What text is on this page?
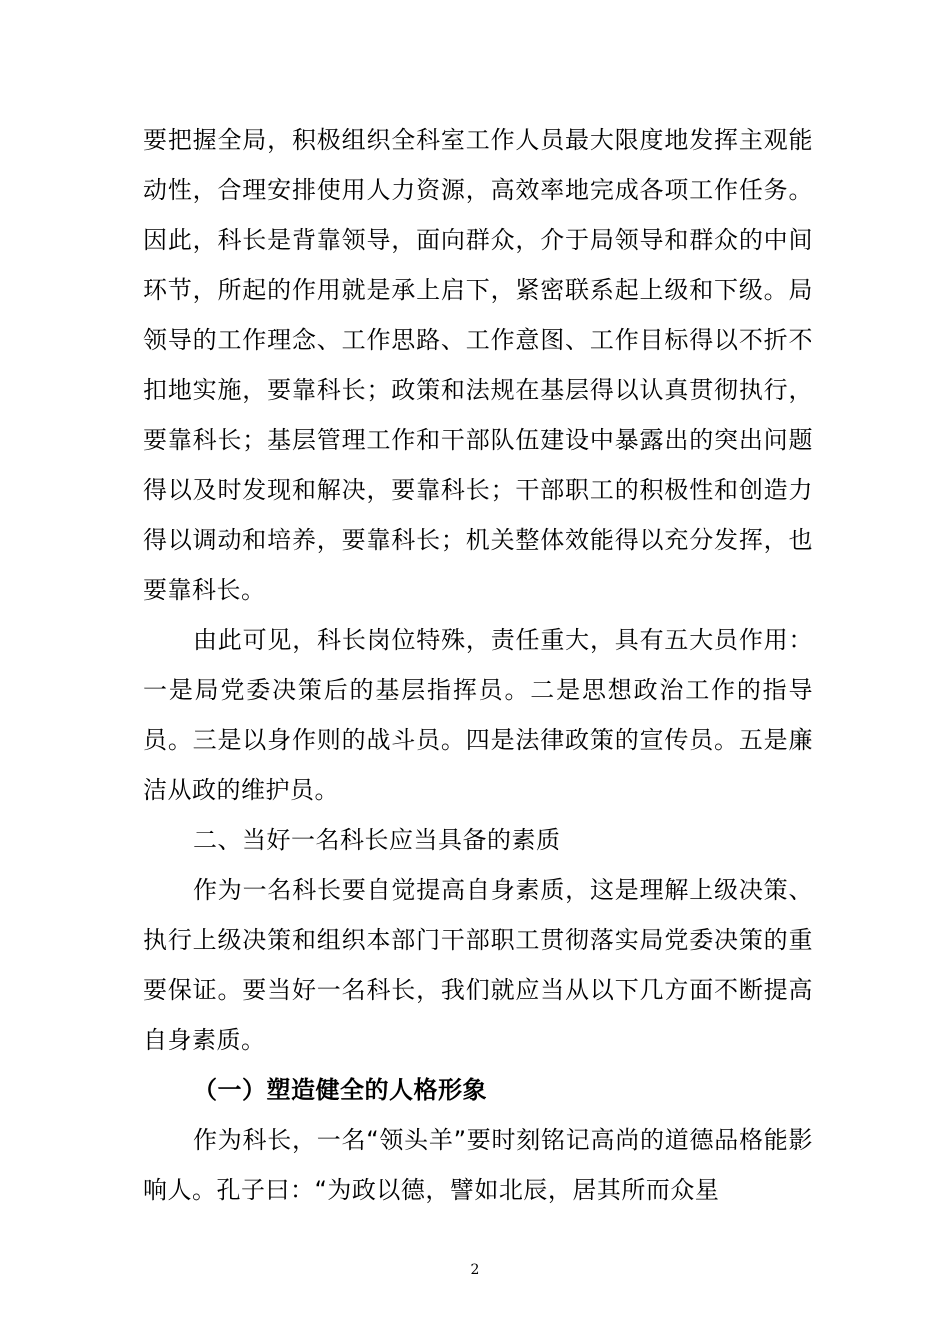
要把握全局，积极组织全科室工作人员最大限度地发挥主观能动性，合理安排使用人力资源，高效率地完成各项工作任务。因此，科长是背靠领导，面向群众，介于局领导和群众的中间环节，所起的作用就是承上启下，紧密联系起上级和下级。局领导的工作理念、工作思路、工作意图、工作目标得以不折不扣地实施，要靠科长；政策和法规在基层得以认真贯彻执行，要靠科长；基层管理工作和干部队伍建设中暴露出的突出问题得以及时发现和解决，要靠科长；干部职工的积极性和创造力得以调动和培养，要靠科长；机关整体效能得以充分发挥，也要靠科长。

由此可见，科长岗位特殊，责任重大，具有五大员作用：一是局党委决策后的基层指挥员。二是思想政治工作的指导员。三是以身作则的战斗员。四是法律政策的宣传员。五是廉洁从政的维护员。

二、当好一名科长应当具备的素质

作为一名科长要自觉提高自身素质，这是理解上级决策、执行上级决策和组织本部门干部职工贯彻落实局党委决策的重要保证。要当好一名科长，我们就应当从以下几方面不断提高自身素质。

（一）塑造健全的人格形象

作为科长，一名“领头羊”要时刻铭记高尚的道德品格能影响人。孔子曰：“为政以德，譬如北辰，居其所而众星

2
